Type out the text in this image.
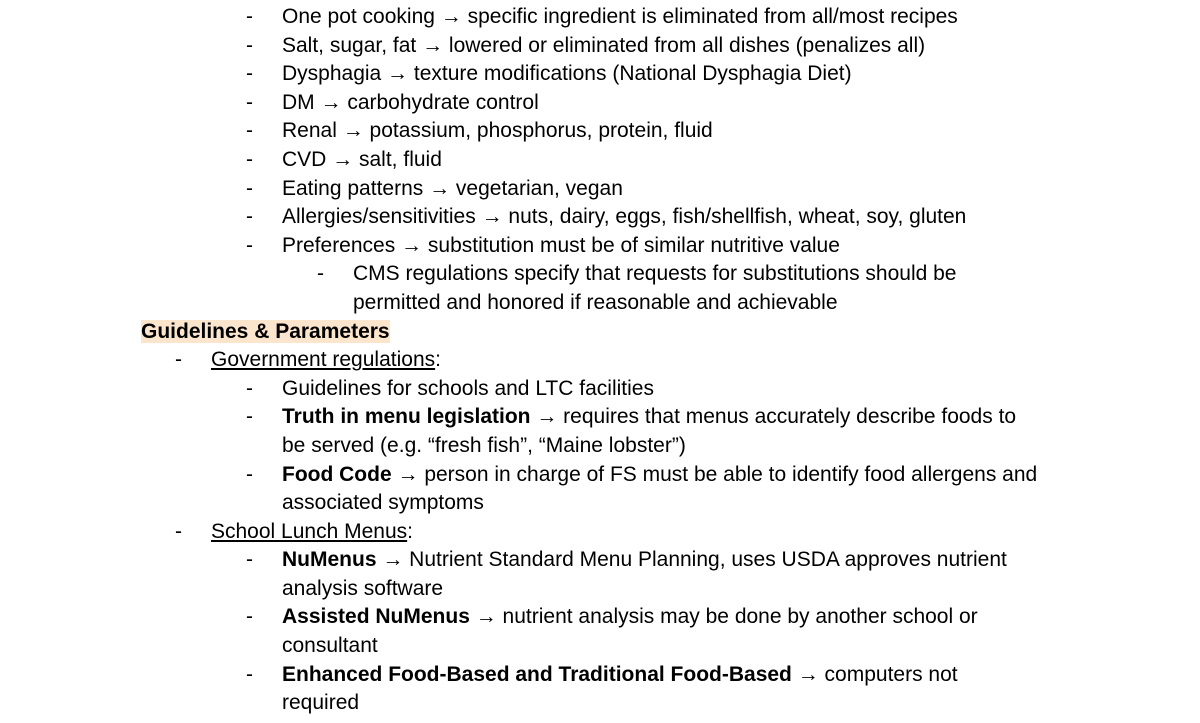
- One pot cooking → specific ingredient is eliminated from all/most recipes
- Salt, sugar, fat → lowered or eliminated from all dishes (penalizes all)
- Dysphagia → texture modifications (National Dysphagia Diet)
- DM → carbohydrate control
- Renal → potassium, phosphorus, protein, fluid
- CVD → salt, fluid
- Eating patterns → vegetarian, vegan
- Allergies/sensitivities → nuts, dairy, eggs, fish/shellfish, wheat, soy, gluten
- Preferences → substitution must be of similar nutritive value
- CMS regulations specify that requests for substitutions should be
permitted and honored if reasonable and achievable
Guidelines & Parameters
- Government regulations:
- Guidelines for schools and LTC facilities
- Truth in menu legislation → requires that menus accurately describe foods to
be served (e.g. “fresh fish”, “Maine lobster”)
- Food Code → person in charge of FS must be able to identify food allergens and
associated symptoms
- School Lunch Menus:
- NuMenus → Nutrient Standard Menu Planning, uses USDA approves nutrient
analysis software
- Assisted NuMenus → nutrient analysis may be done by another school or
consultant
- Enhanced Food-Based and Traditional Food-Based → computers not
required
